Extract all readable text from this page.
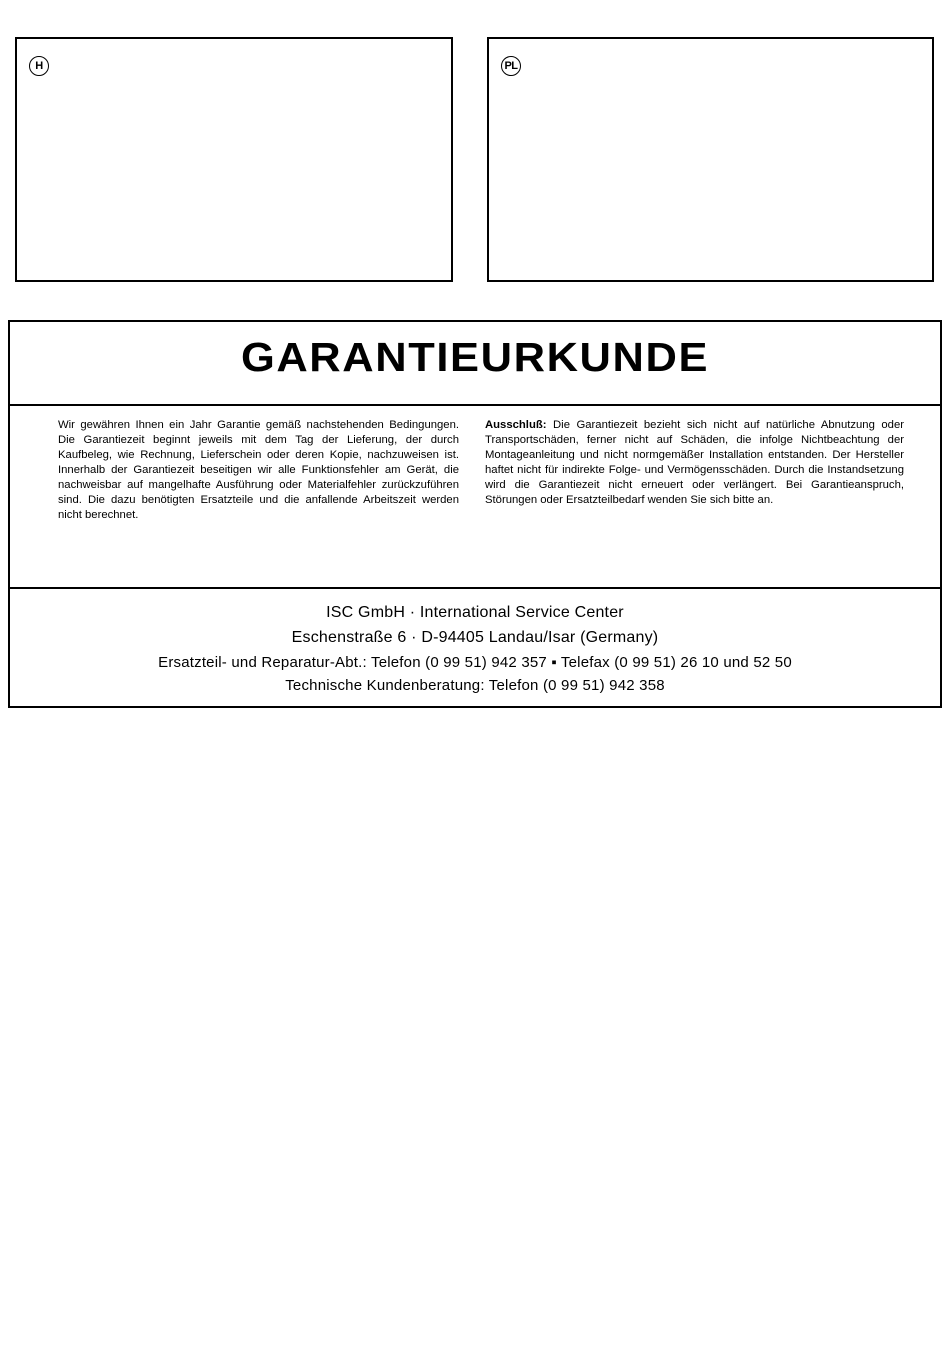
H	PL
GARANTIEURKUNDE
Wir gewähren Ihnen ein Jahr Garantie gemäß nachstehenden Bedingungen. Die Garantiezeit beginnt jeweils mit dem Tag der Lieferung, der durch Kaufbeleg, wie Rechnung, Lieferschein oder deren Kopie, nachzuweisen ist. Innerhalb der Garantiezeit beseitigen wir alle Funktionsfehler am Gerät, die nachweisbar auf mangelhafte Ausführung oder Materialfehler zurückzuführen sind. Die dazu benötigten Ersatzteile und die anfallende Arbeitszeit werden nicht berechnet.
Ausschluß: Die Garantiezeit bezieht sich nicht auf natürliche Abnutzung oder Transportschäden, ferner nicht auf Schäden, die infolge Nichtbeachtung der Montageanleitung und nicht normgemäßer Installation entstanden. Der Hersteller haftet nicht für indirekte Folge- und Vermögensschäden. Durch die Instandsetzung wird die Garantiezeit nicht erneuert oder verlängert. Bei Garantieanspruch, Störungen oder Ersatzteilbedarf wenden Sie sich bitte an.
ISC GmbH · International Service Center
Eschenstraße 6 · D-94405 Landau/Isar (Germany)
Ersatzteil- und Reparatur-Abt.: Telefon (0 99 51) 942 357 ▪ Telefax (0 99 51) 26 10 und 52 50
Technische Kundenberatung: Telefon (0 99 51) 942 358
